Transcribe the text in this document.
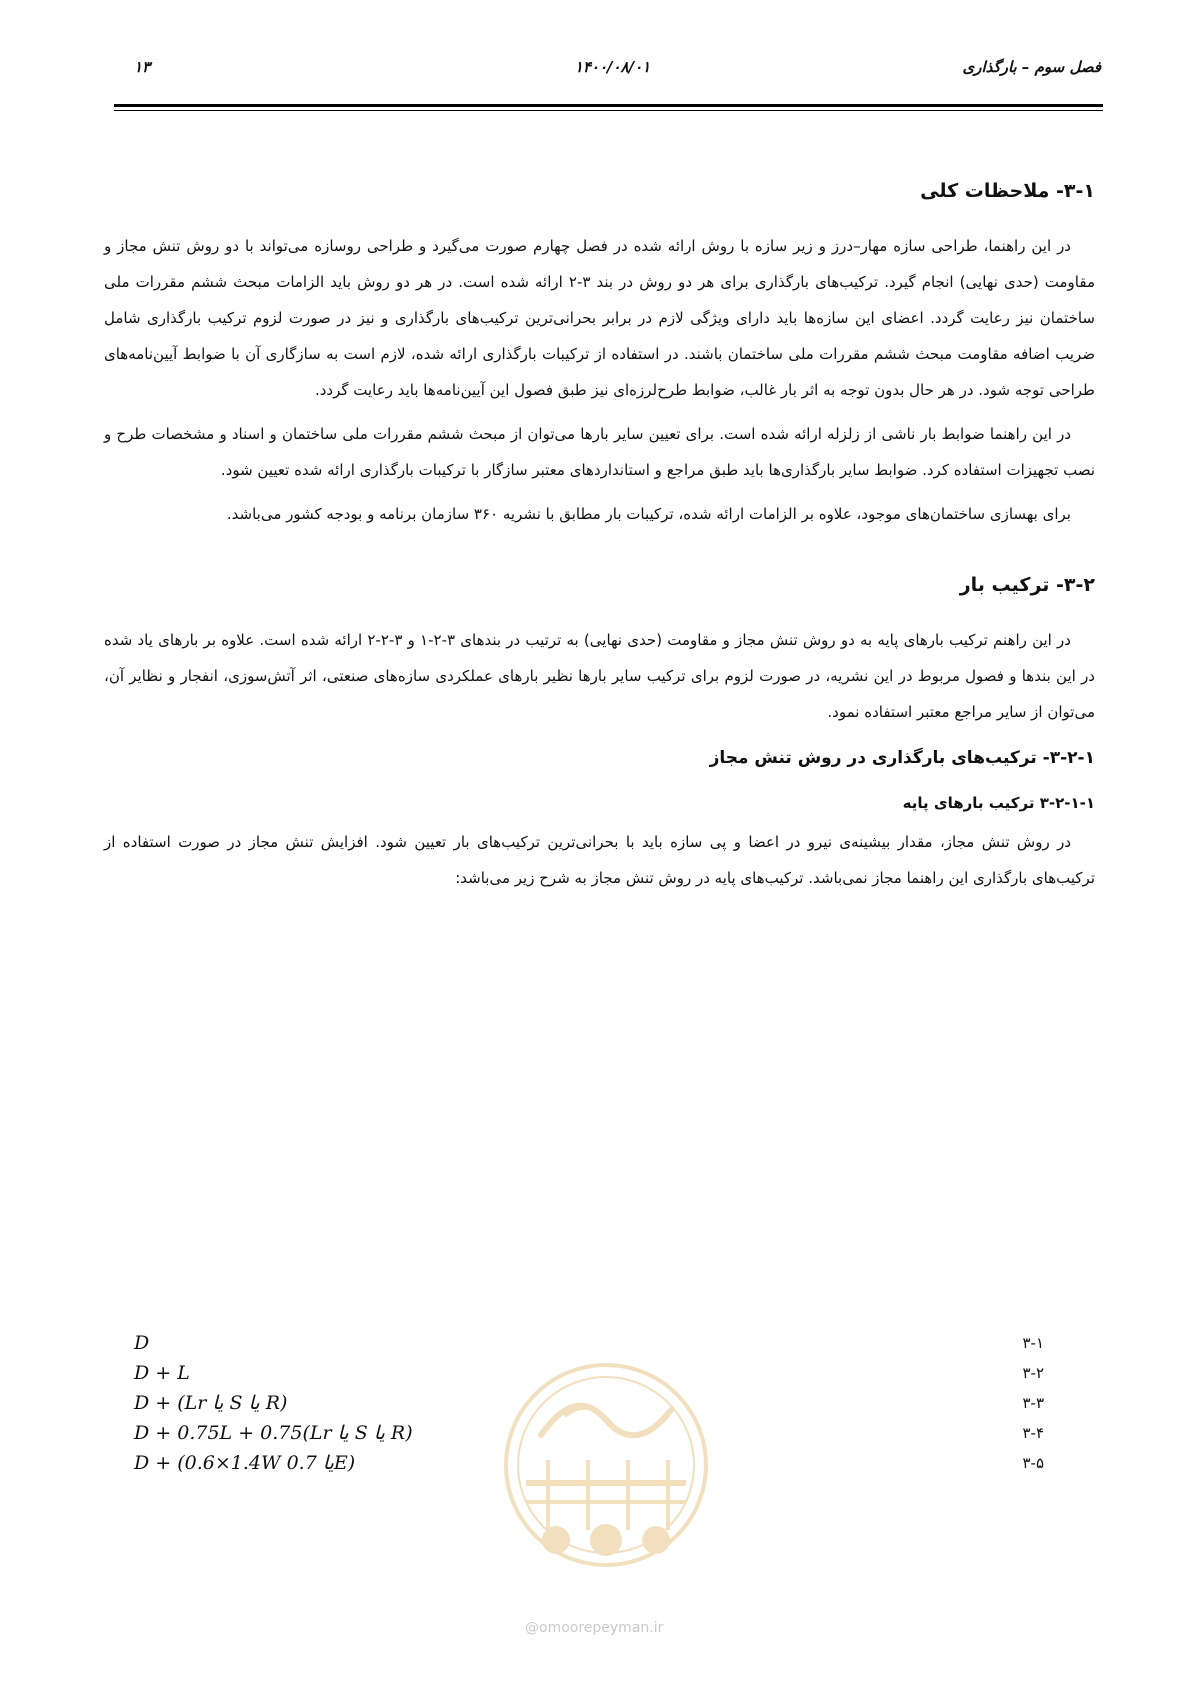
فصل سوم – بارگذاری
۱۴۰۰/۰۸/۰۱
۱۳
۳-۱- ملاحظات کلی

در این راهنما، طراحی سازه مهار–درز و زیر سازه با روش ارائه شده در فصل چهارم صورت می‌گیرد و طراحی روسازه می‌تواند با دو روش تنش مجاز و مقاومت (حدی نهایی) انجام گیرد. ترکیب‌های بارگذاری برای هر دو روش در بند ۳-۲ ارائه شده است. در هر دو روش باید الزامات مبحث ششم مقررات ملی ساختمان نیز رعایت گردد. اعضای این سازه‌ها باید دارای ویژگی لازم در برابر بحرانی‌ترین ترکیب‌های بارگذاری و نیز در صورت لزوم ترکیب بارگذاری شامل ضریب اضافه مقاومت مبحث ششم مقررات ملی ساختمان باشند. در استفاده از ترکیبات بارگذاری ارائه شده، لازم است به سازگاری آن با ضوابط آیین‌نامه‌های طراحی توجه شود. در هر حال بدون توجه به اثر بار غالب، ضوابط طرح‌لرزه‌ای نیز طبق فصول این آیین‌نامه‌ها باید رعایت گردد.

در این راهنما ضوابط بار ناشی از زلزله ارائه شده است. برای تعیین سایر بارها می‌توان از مبحث ششم مقررات ملی ساختمان و اسناد و مشخصات طرح و نصب تجهیزات استفاده کرد. ضوابط سایر بارگذاری‌ها باید طبق مراجع و استانداردهای معتبر سازگار با ترکیبات بارگذاری ارائه شده تعیین شود.

برای بهسازی ساختمان‌های موجود، علاوه بر الزامات ارائه شده، ترکیبات بار مطابق با نشریه ۳۶۰ سازمان برنامه و بودجه کشور می‌باشد.

۳-۲- ترکیب بار

در این راهنم ترکیب بارهای پایه به دو روش تنش مجاز و مقاومت (حدی نهایی) به ترتیب در بندهای ۳-۲-۱ و ۳-۲-۲ ارائه شده است. علاوه بر بارهای یاد شده در این بندها و فصول مربوط در این نشریه، در صورت لزوم برای ترکیب سایر بارها نظیر بارهای عملکردی سازه‌های صنعتی، اثر آتش‌سوزی، انفجار و نظایر آن، می‌توان از سایر مراجع معتبر استفاده نمود.

۳-۲-۱- ترکیب‌های بارگذاری در روش تنش مجاز
۳-۲-۱-۱ ترکیب بارهای پایه

در روش تنش مجاز، مقدار بیشینه‌ی نیرو در اعضا و پی سازه باید با بحرانی‌ترین ترکیب‌های بار تعیین شود. افزایش تنش مجاز در صورت استفاده از ترکیب‌های بارگذاری این راهنما مجاز نمی‌باشد. ترکیب‌های پایه در روش تنش مجاز به شرح زیر می‌باشد:

@omoorepeyman.ir
D	۳-۱
D + L	۳-۲
D + (Lr یا S یا R)	۳-۳
D + 0.75L + 0.75(Lr یا S یا R)	۳-۴
D + (0.6×1.4W یا 0.7E)	۳-۵
